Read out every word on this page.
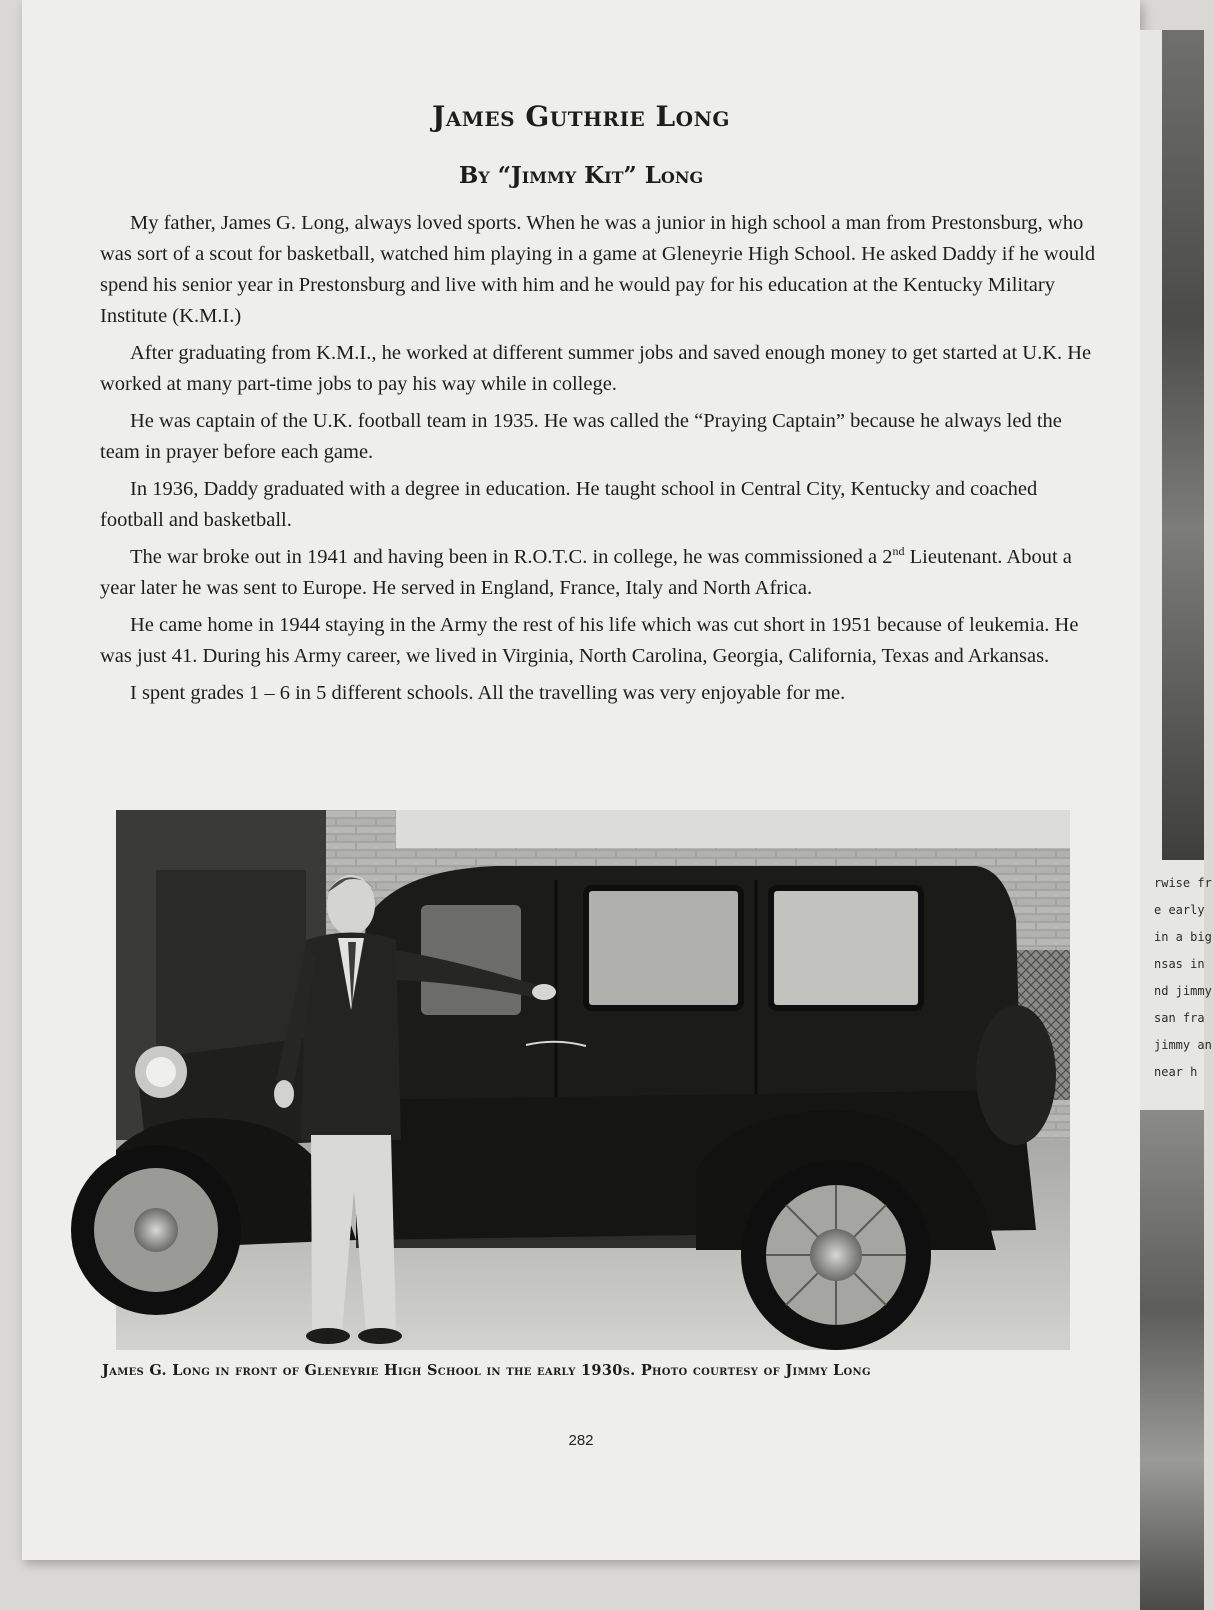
James Guthrie Long
By “Jimmy Kit” Long

My father, James G. Long, always loved sports. When he was a junior in high school a man from Prestonsburg, who was sort of a scout for basketball, watched him playing in a game at Gleneyrie High School. He asked Daddy if he would spend his senior year in Prestonsburg and live with him and he would pay for his education at the Kentucky Military Institute (K.M.I.)

After graduating from K.M.I., he worked at different summer jobs and saved enough money to get started at U.K. He worked at many part-time jobs to pay his way while in college.

He was captain of the U.K. football team in 1935. He was called the “Praying Captain” because he always led the team in prayer before each game.

In 1936, Daddy graduated with a degree in education. He taught school in Central City, Kentucky and coached football and basketball.

The war broke out in 1941 and having been in R.O.T.C. in college, he was commissioned a 2nd Lieutenant. About a year later he was sent to Europe. He served in England, France, Italy and North Africa.

He came home in 1944 staying in the Army the rest of his life which was cut short in 1951 because of leukemia. He was just 41. During his Army career, we lived in Virginia, North Carolina, Georgia, California, Texas and Arkansas.

I spent grades 1 – 6 in 5 different schools. All the travelling was very enjoyable for me.

James G. Long in front of Gleneyrie High School in the early 1930s. Photo courtesy of Jimmy Long
282
rwise fr
e early
in a big
nsas in
nd jimmy
san fra
jimmy an
near h
